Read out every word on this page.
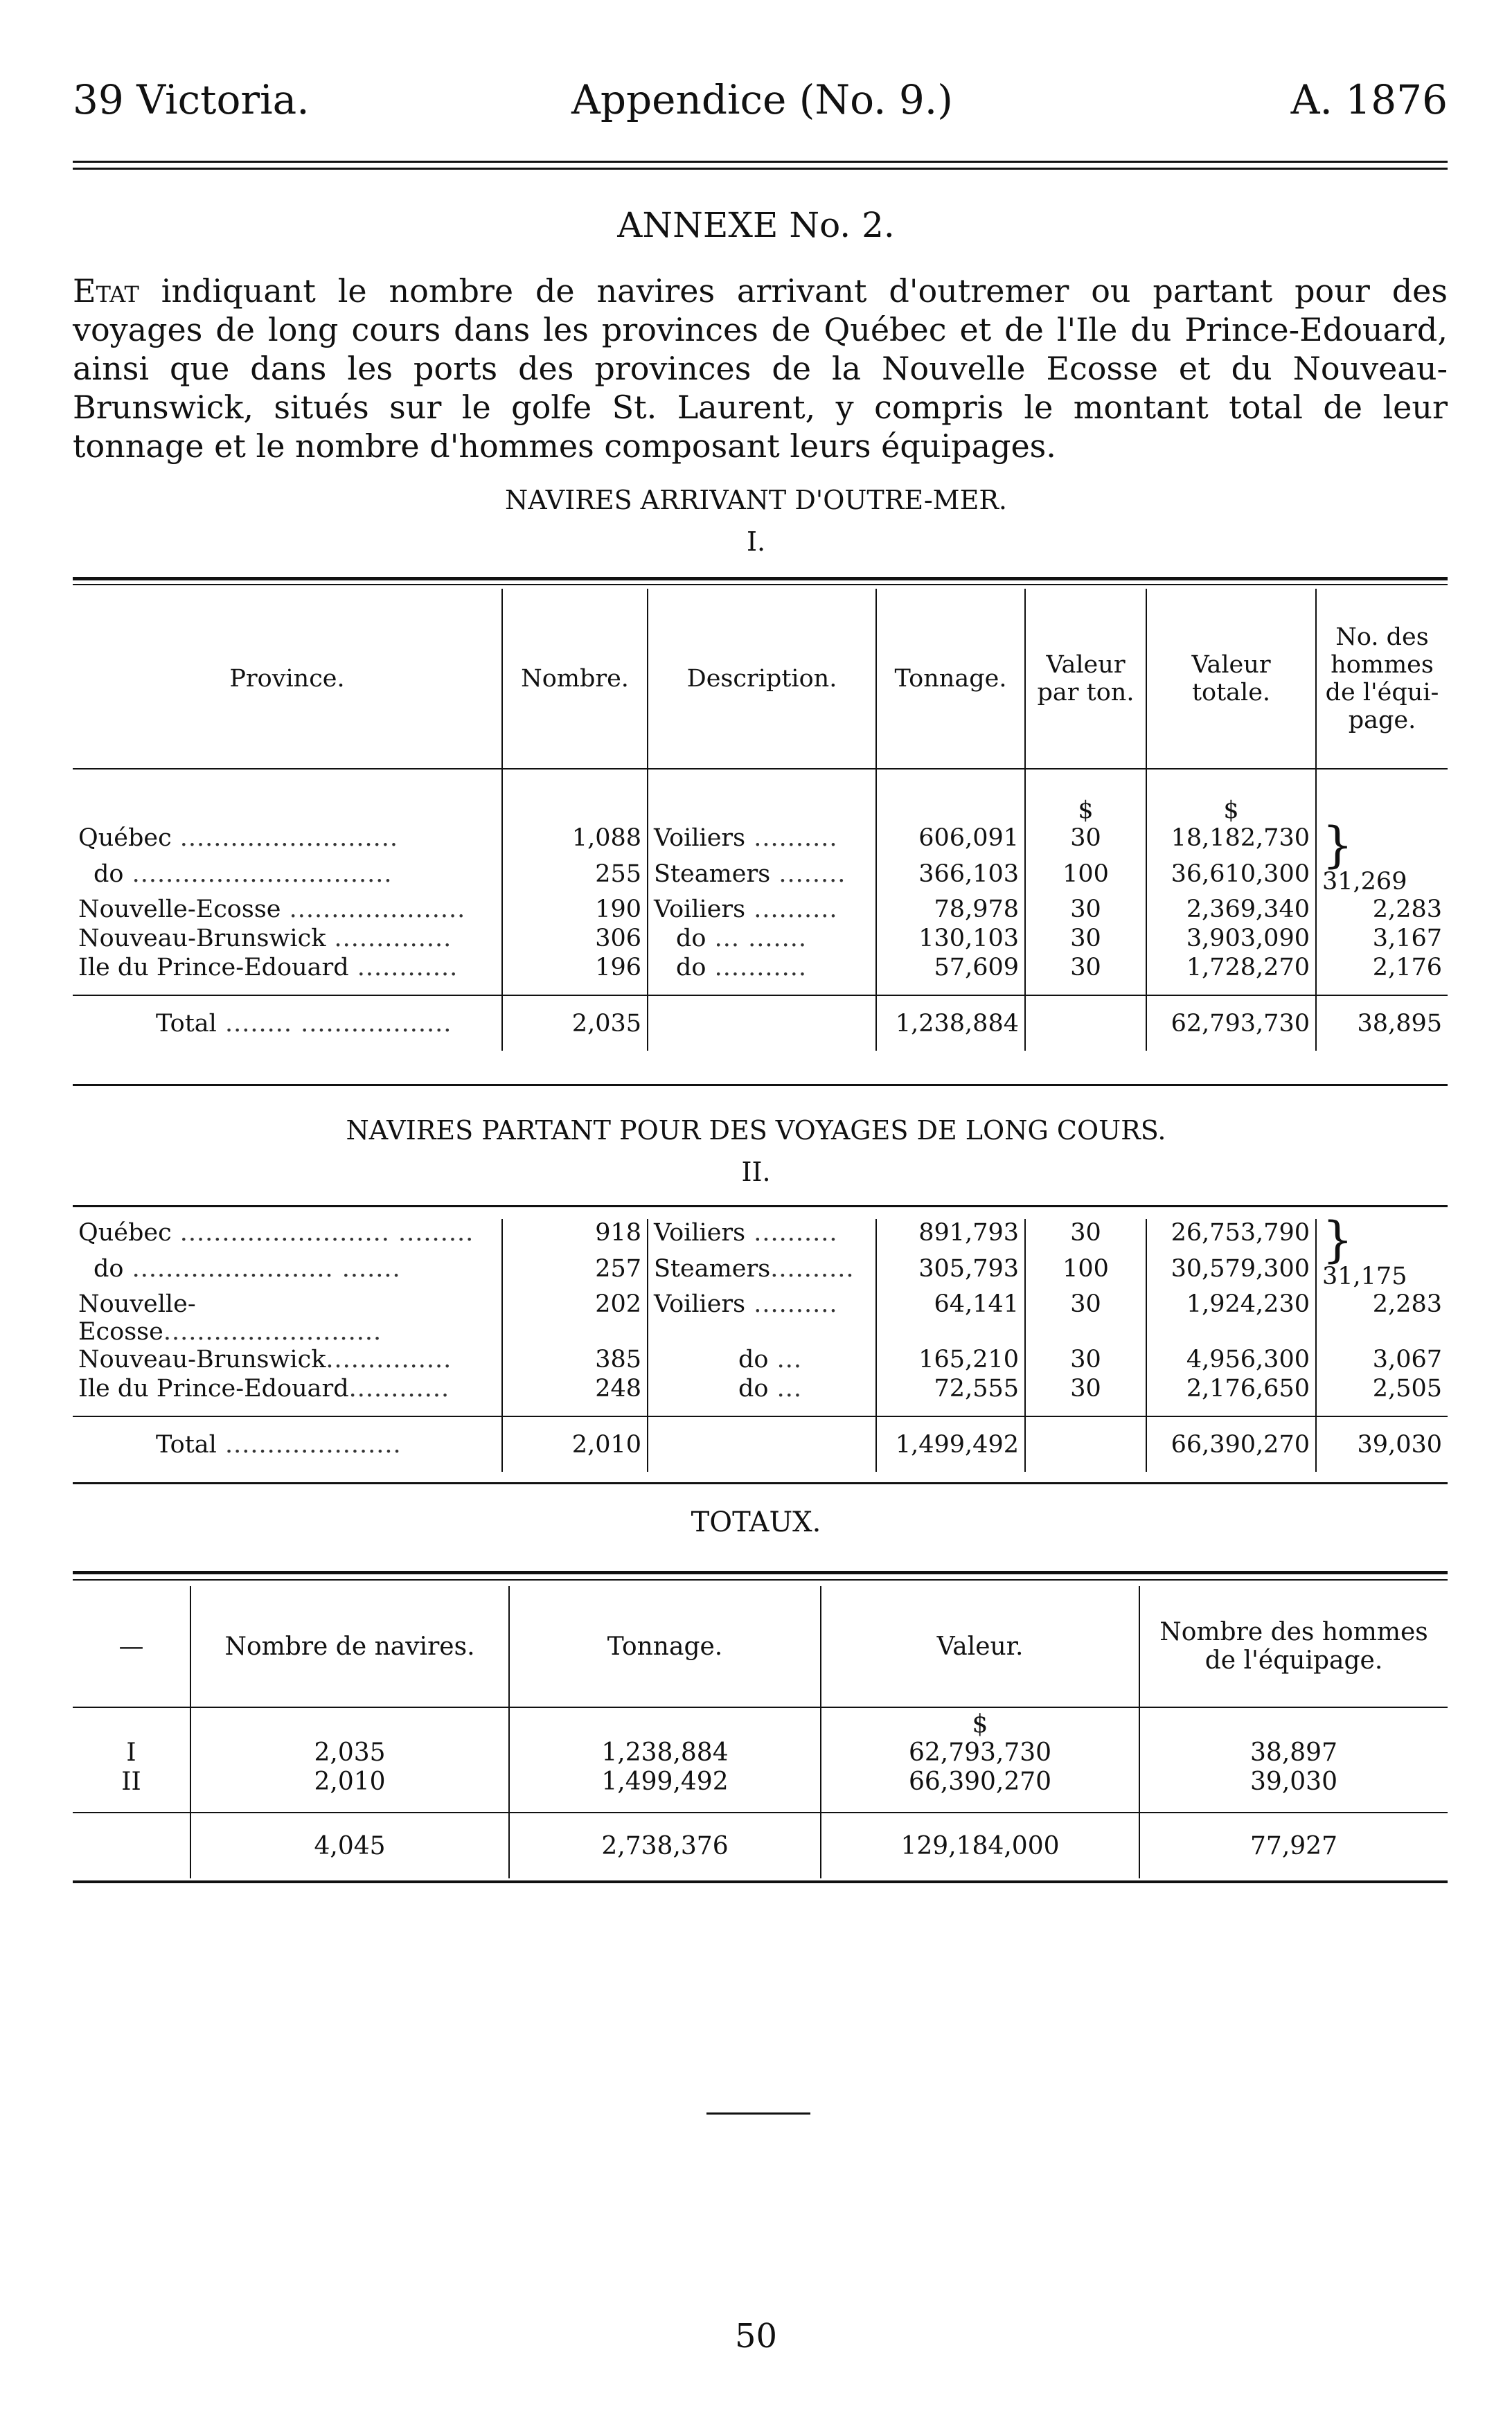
39 Victoria.	Appendice (No. 9.)	A. 1876
ANNEXE No. 2.

Etat indiquant le nombre de navires arrivant d'outremer ou partant pour des voyages de long cours dans les provinces de Québec et de l'Ile du Prince-Edouard, ainsi que dans les ports des provinces de la Nouvelle Ecosse et du Nouveau-Brunswick, situés sur le golfe St. Laurent, y compris le montant total de leur tonnage et le nombre d'hommes composant leurs équipages.

NAVIRES ARRIVANT D'OUTRE-MER.
I.
Province.	Nombre.	Description.	Tonnage.	Valeur par ton.	Valeur totale.	No. des hommes de l'équi-page.
				$	$	
Québec ..........................	1,088	Voiliers ..........	606,091	30	18,182,730	} 31,269
do ...............................	255	Steamers ........	366,103	100	36,610,300	
Nouvelle-Ecosse .....................	190	Voiliers ..........	78,978	30	2,369,340	2,283
Nouveau-Brunswick ..............	306	do ... .......	130,103	30	3,903,090	3,167
Ile du Prince-Edouard ............	196	do ...........	57,609	30	1,728,270	2,176
Total ........ ..................	2,035		1,238,884		62,793,730	38,895
NAVIRES PARTANT POUR DES VOYAGES DE LONG COURS.
II.
Québec ......................... .........	918	Voiliers ..........	891,793	30	26,753,790	} 31,175
do ........................ .......	257	Steamers..........	305,793	100	30,579,300	
Nouvelle-Ecosse..........................	202	Voiliers ..........	64,141	30	1,924,230	2,283
Nouveau-Brunswick...............	385	do ...	165,210	30	4,956,300	3,067
Ile du Prince-Edouard............	248	do ...	72,555	30	2,176,650	2,505
Total .....................	2,010		1,499,492		66,390,270	39,030
TOTAUX.
—	Nombre de navires.	Tonnage.	Valeur.	Nombre des hommes de l'équipage.
			$	
I	2,035	1,238,884	62,793,730	38,897
II	2,010	1,499,492	66,390,270	39,030
	4,045	2,738,376	129,184,000	77,927
50
